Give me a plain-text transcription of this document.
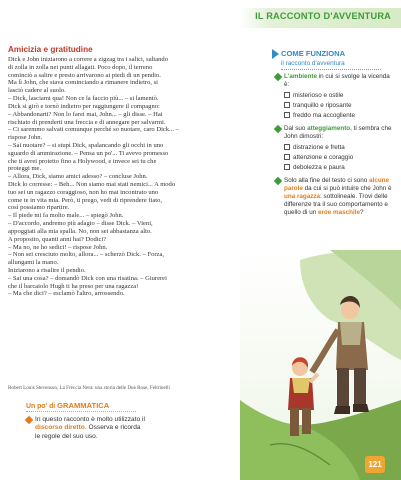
IL RACCONTO D'AVVENTURA
Amicizia e gratitudine
Dick e John iniziarono a correre a zigzag tra i salici, saltando
di zolla in zolla nei punti allagati. Poco dopo, il terreno
cominciò a salire e presto arrivarono ai piedi di un pendio.
Ma lì John, che stava cominciando a rimanere indietro, si
lasciò cadere al suolo.
– Dick, lasciami qua! Non ce la faccio più... – si lamentò.
Dick si girò e tornò indietro per raggiungere il compagno:
– Abbandonarti? Non lo farei mai, John... – gli disse. – Hai
rischiato di prenderti una freccia e di annegare per salvarmi.
– Ci saremmo salvati comunque perché so nuotare, caro Dick... –
rispose John.
– Sai nuotare? – si stupì Dick, spalancando gli occhi in uno
sguardo di ammirazione. – Pensa un po'... Ti avevo promesso
che ti avrei protetto fino a Holywood, e invece sei tu che
proteggi me.
– Allora, Dick, siamo amici adesso? – concluse John.
Dick lo corresse: – Beh... Non siamo mai stati nemici... A modo
tuo sei un ragazzo coraggioso, non ho mai incontrato uno
come te in vita mia. Però, ti prego, vedi di riprendere fiato,
così possiamo ripartire.
– Il piede mi fa molto male... – spiegò John.
– D'accordo, andremo più adagio – disse Dick. – Vieni,
appoggiati alla mia spalla. No, non sei abbastanza alto.
A proposito, quanti anni hai? Dodici?
– Ma no, ne ho sedici! – rispose John.
– Non sei cresciuto molto, allora... – scherzò Dick. – Forza,
allungami la mano.
Iniziarono a risalire il pendio.
– Sai una cosa? – domandò Dick con una risatina. – Giurerei
che il barcaiolo Hugh ti ha preso per una ragazza!
– Ma che dici? – esclamò l'altro, arrossendo.
Robert Louis Stevenson, La Freccia Nera: una storia delle Due Rose, Feltrinelli
COME FUNZIONA
il racconto d'avventura
L'ambiente in cui si svolge la vicenda è:
misterioso e ostile
tranquillo e riposante
freddo ma accogliente
Dal suo atteggiamento, ti sembra che John dimostri:
distrazione e fretta
attenzione e coraggio
debolezza e paura
Solo alla fine del testo ci sono alcune parole da cui si può intuire che John è una ragazza: sottolineale. Trovi delle differenze tra il suo comportamento e quello di un eroe maschile?
Un po' di GRAMMATICA
In questo racconto è molto utilizzato il discorso diretto. Osserva e ricorda le regole del suo uso.
121
